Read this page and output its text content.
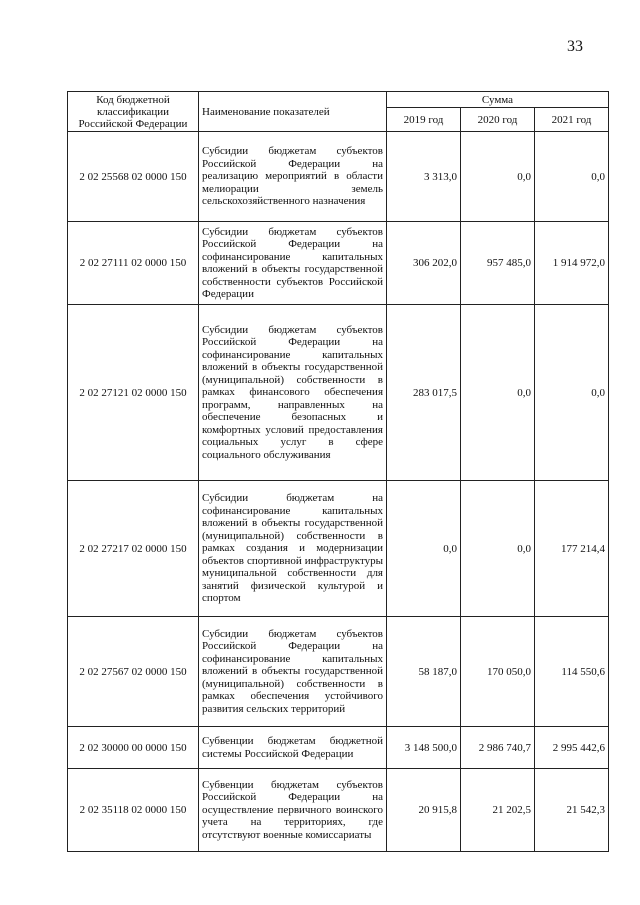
33
Код бюджетной классификации Российской Федерации	Наименование показателей	Сумма		
		2019 год	2020 год	2021 год
2 02 25568 02 0000 150	Субсидии бюджетам субъектов Российской Федерации на реализацию мероприятий в области мелиорации земель сельскохозяйственного назначения	3 313,0	0,0	0,0
2 02 27111 02 0000 150	Субсидии бюджетам субъектов Российской Федерации на софинансирование капитальных вложений в объекты государственной собственности субъектов Российской Федерации	306 202,0	957 485,0	1 914 972,0
2 02 27121 02 0000 150	Субсидии бюджетам субъектов Российской Федерации на софинансирование капитальных вложений в объекты государственной (муниципальной) собственности в рамках финансового обеспечения программ, направленных на обеспечение безопасных и комфортных условий предоставления социальных услуг в сфере социального обслуживания	283 017,5	0,0	0,0
2 02 27217 02 0000 150	Субсидии бюджетам на софинансирование капитальных вложений в объекты государственной (муниципальной) собственности в рамках создания и модернизации объектов спортивной инфраструктуры муниципальной собственности для занятий физической культурой и спортом	0,0	0,0	177 214,4
2 02 27567 02 0000 150	Субсидии бюджетам субъектов Российской Федерации на софинансирование капитальных вложений в объекты государственной (муниципальной) собственности в рамках обеспечения устойчивого развития сельских территорий	58 187,0	170 050,0	114 550,6
2 02 30000 00 0000 150	Субвенции бюджетам бюджетной системы Российской Федерации	3 148 500,0	2 986 740,7	2 995 442,6
2 02 35118 02 0000 150	Субвенции бюджетам субъектов Российской Федерации на осуществление первичного воинского учета на территориях, где отсутствуют военные комиссариаты	20 915,8	21 202,5	21 542,3
